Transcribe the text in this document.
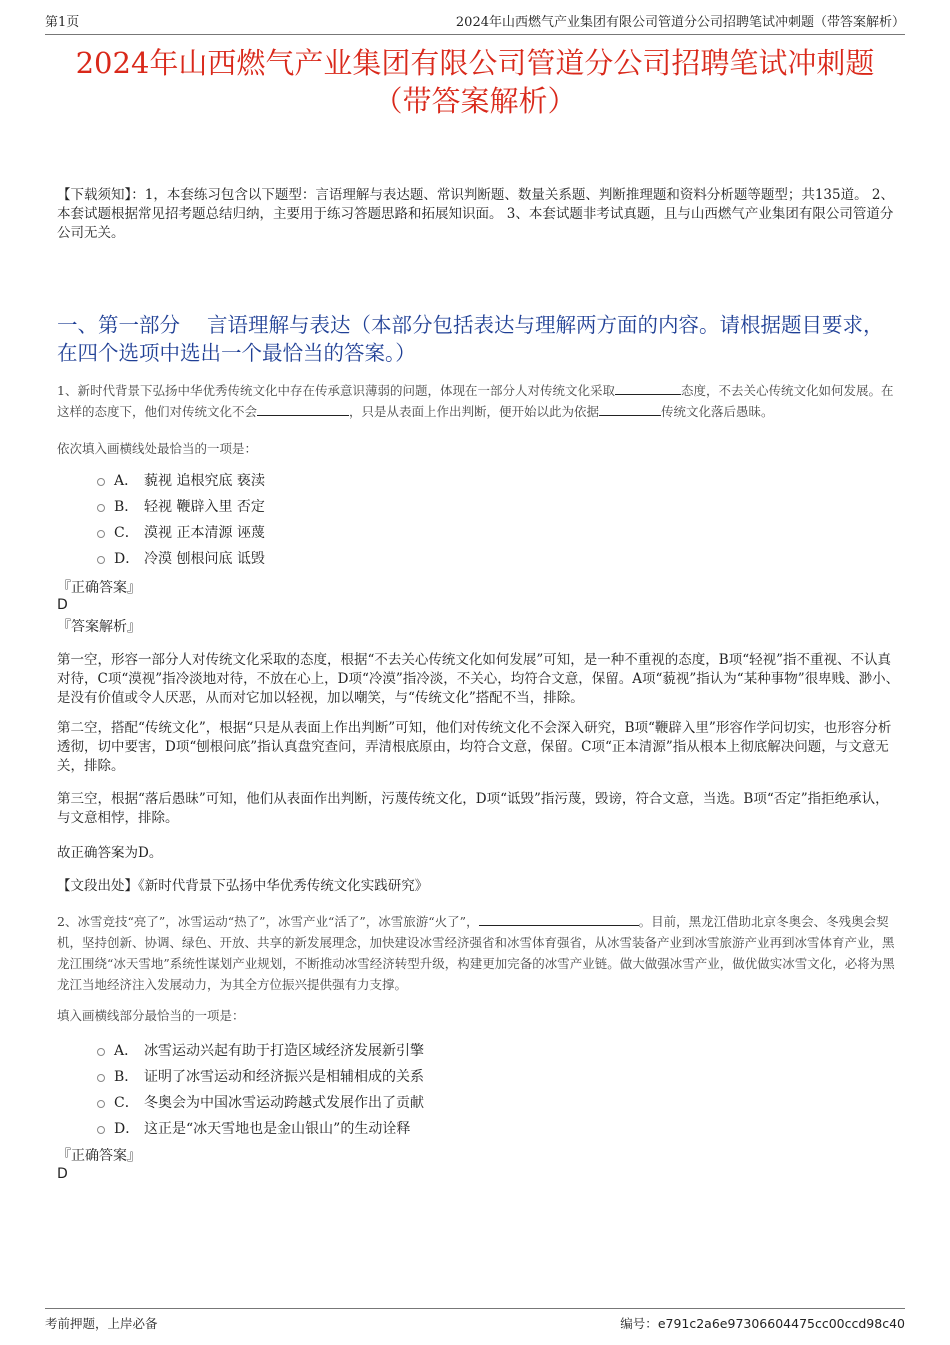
第1页	2024年山西燃气产业集团有限公司管道分公司招聘笔试冲刺题（带答案解析）
2024年山西燃气产业集团有限公司管道分公司招聘笔试冲刺题
（带答案解析）
【下载须知】：1，本套练习包含以下题型：言语理解与表达题、常识判断题、数量关系题、判断推理题和资料分析题等题型；共135道。 2、本套试题根据常见招考题总结归纳，主要用于练习答题思路和拓展知识面。 3、本套试题非考试真题，且与山西燃气产业集团有限公司管道分公司无关。
一、第一部分　 言语理解与表达（本部分包括表达与理解两方面的内容。请根据题目要求，在四个选项中选出一个最恰当的答案。）
1、新时代背景下弘扬中华优秀传统文化中存在传承意识薄弱的问题，体现在一部分人对传统文化采取	态度，不去关心传统文化如何发展。在这样的态度下，他们对传统文化不会	，只是从表面上作出判断，便开始以此为依据	传统文化落后愚昧。
依次填入画横线处最恰当的一项是：
A． 藐视 追根究底 亵渎
B． 轻视 鞭辟入里 否定
C． 漠视 正本清源 诬蔑
D． 冷漠 刨根问底 诋毁
『正确答案』
D
『答案解析』
第一空，形容一部分人对传统文化采取的态度，根据“不去关心传统文化如何发展”可知，是一种不重视的态度，B项“轻视”指不重视、不认真对待，C项“漠视”指冷淡地对待，不放在心上，D项“冷漠”指冷淡，不关心，均符合文意，保留。A项“藐视”指认为“某种事物”很卑贱、渺小、是没有价值或令人厌恶，从而对它加以轻视，加以嘲笑，与“传统文化”搭配不当，排除。
第二空，搭配“传统文化”，根据“只是从表面上作出判断”可知，他们对传统文化不会深入研究，B项“鞭辟入里”形容作学问切实，也形容分析透彻，切中要害，D项“刨根问底”指认真盘究查问，弄清根底原由，均符合文意，保留。C项“正本清源”指从根本上彻底解决问题，与文意无关，排除。
第三空，根据“落后愚昧”可知，他们从表面作出判断，污蔑传统文化，D项“诋毁”指污蔑，毁谤，符合文意，当选。B项“否定”指拒绝承认，与文意相悖，排除。
故正确答案为D。
【文段出处】《新时代背景下弘扬中华优秀传统文化实践研究》
2、冰雪竞技“亮了”，冰雪运动“热了”，冰雪产业“活了”，冰雪旅游“火了”，	。目前，黑龙江借助北京冬奥会、冬残奥会契机，坚持创新、协调、绿色、开放、共享的新发展理念，加快建设冰雪经济强省和冰雪体育强省，从冰雪装备产业到冰雪旅游产业再到冰雪体育产业，黑龙江围绕“冰天雪地”系统性谋划产业规划，不断推动冰雪经济转型升级，构建更加完备的冰雪产业链。做大做强冰雪产业，做优做实冰雪文化，必将为黑龙江当地经济注入发展动力，为其全方位振兴提供强有力支撑。
填入画横线部分最恰当的一项是：
A． 冰雪运动兴起有助于打造区域经济发展新引擎
B． 证明了冰雪运动和经济振兴是相辅相成的关系
C． 冬奥会为中国冰雪运动跨越式发展作出了贡献
D． 这正是“冰天雪地也是金山银山”的生动诠释
『正确答案』
D
考前押题，上岸必备	编号：e791c2a6e97306604475cc00ccd98c40
